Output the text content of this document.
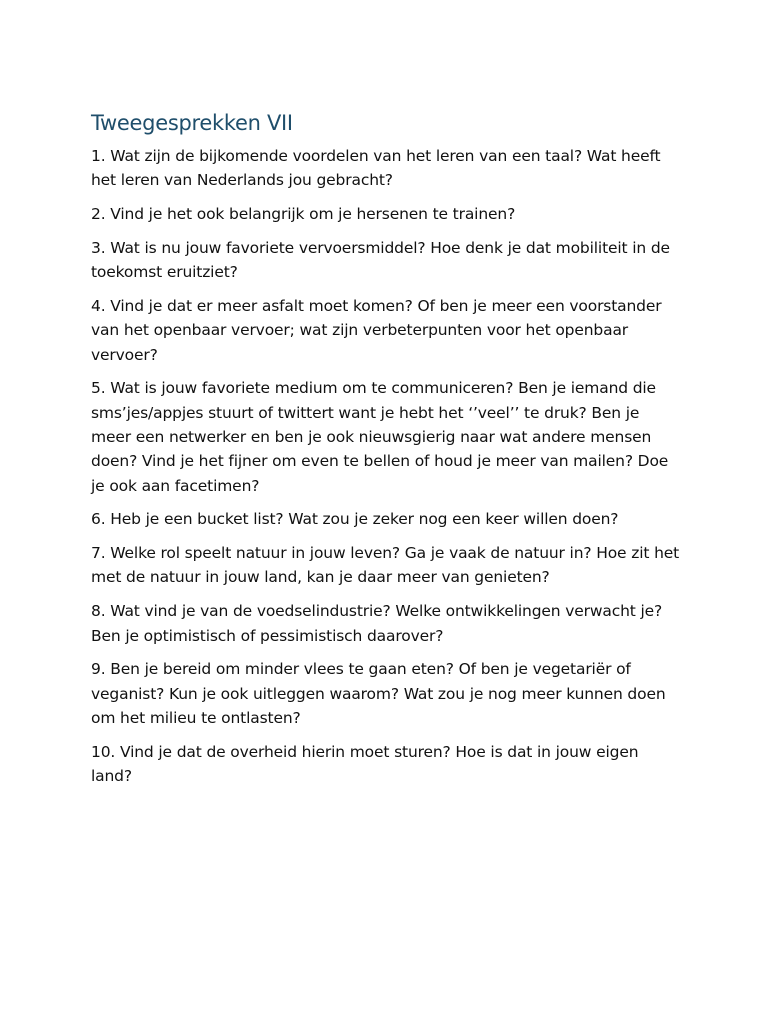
Tweegesprekken VII

1. Wat zijn de bijkomende voordelen van het leren van een taal? Wat heeft het leren van Nederlands jou gebracht?

2. Vind je het ook belangrijk om je hersenen te trainen?

3. Wat is nu jouw favoriete vervoersmiddel? Hoe denk je dat mobiliteit in de toekomst eruitziet?

4. Vind je dat er meer asfalt moet komen? Of ben je meer een voorstander van het openbaar vervoer; wat zijn verbeterpunten voor het openbaar vervoer?

5. Wat is jouw favoriete medium om te communiceren? Ben je iemand die sms’jes/appjes stuurt of twittert want je hebt het ‘’veel’’ te druk? Ben je meer een netwerker en ben je ook nieuwsgierig naar wat andere mensen doen? Vind je het fijner om even te bellen of houd je meer van mailen? Doe je ook aan facetimen?

6. Heb je een bucket list? Wat zou je zeker nog een keer willen doen?

7. Welke rol speelt natuur in jouw leven? Ga je vaak de natuur in? Hoe zit het met de natuur in jouw land, kan je daar meer van genieten?

8. Wat vind je van de voedselindustrie? Welke ontwikkelingen verwacht je? Ben je optimistisch of pessimistisch daarover?

9. Ben je bereid om minder vlees te gaan eten? Of ben je vegetariër of veganist? Kun je ook uitleggen waarom? Wat zou je nog meer kunnen doen om het milieu te ontlasten?

10. Vind je dat de overheid hierin moet sturen? Hoe is dat in jouw eigen land?
